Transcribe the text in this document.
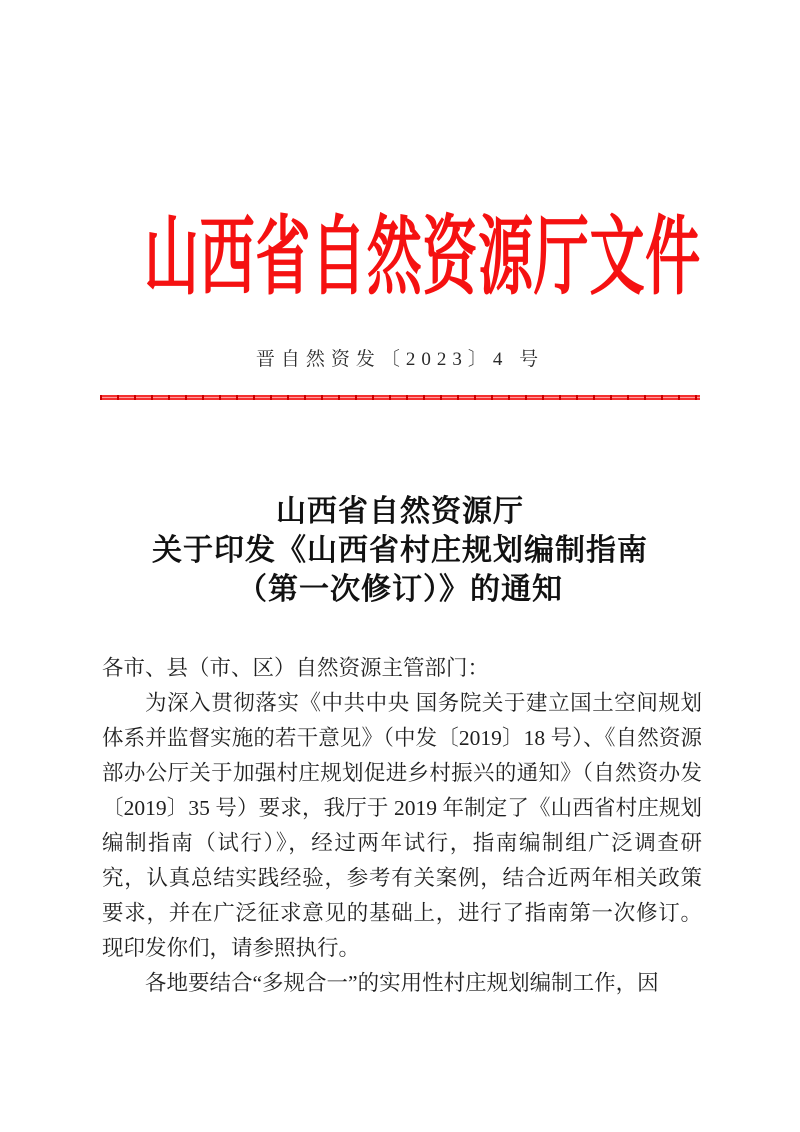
山西省自然资源厅文件
晋自然资发〔2023〕4 号
山西省自然资源厅
关于印发《山西省村庄规划编制指南
（第一次修订）》的通知

各市、县（市、区）自然资源主管部门：

为深入贯彻落实《中共中央 国务院关于建立国土空间规划体系并监督实施的若干意见》（中发〔2019〕18 号）、《自然资源部办公厅关于加强村庄规划促进乡村振兴的通知》（自然资办发〔2019〕35 号）要求，我厅于 2019 年制定了《山西省村庄规划编制指南（试行）》，经过两年试行，指南编制组广泛调查研究，认真总结实践经验，参考有关案例，结合近两年相关政策要求，并在广泛征求意见的基础上，进行了指南第一次修订。现印发你们，请参照执行。

各地要结合“多规合一”的实用性村庄规划编制工作，因
